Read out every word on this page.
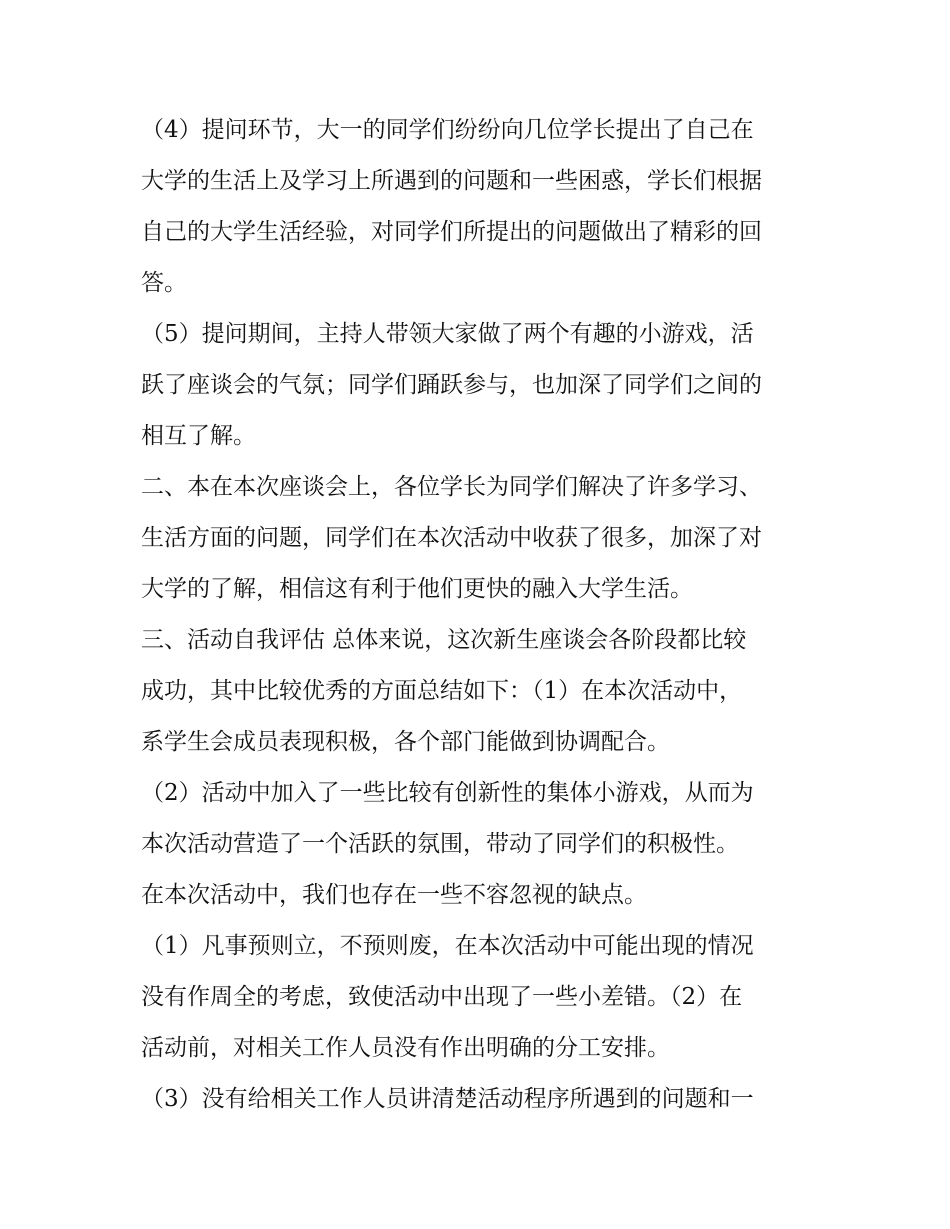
（4）提问环节，大一的同学们纷纷向几位学长提出了自己在
大学的生活上及学习上所遇到的问题和一些困惑，学长们根据
自己的大学生活经验，对同学们所提出的问题做出了精彩的回
答。
（5）提问期间，主持人带领大家做了两个有趣的小游戏，活
跃了座谈会的气氛；同学们踊跃参与，也加深了同学们之间的
相互了解。
二、本在本次座谈会上，各位学长为同学们解决了许多学习、
生活方面的问题，同学们在本次活动中收获了很多，加深了对
大学的了解，相信这有利于他们更快的融入大学生活。
三、活动自我评估 总体来说，这次新生座谈会各阶段都比较
成功，其中比较优秀的方面总结如下：（1）在本次活动中，
系学生会成员表现积极，各个部门能做到协调配合。
（2）活动中加入了一些比较有创新性的集体小游戏，从而为
本次活动营造了一个活跃的氛围，带动了同学们的积极性。
在本次活动中，我们也存在一些不容忽视的缺点。
（1）凡事预则立，不预则废，在本次活动中可能出现的情况
没有作周全的考虑，致使活动中出现了一些小差错。（2）在
活动前，对相关工作人员没有作出明确的分工安排。
（3）没有给相关工作人员讲清楚活动程序所遇到的问题和一
